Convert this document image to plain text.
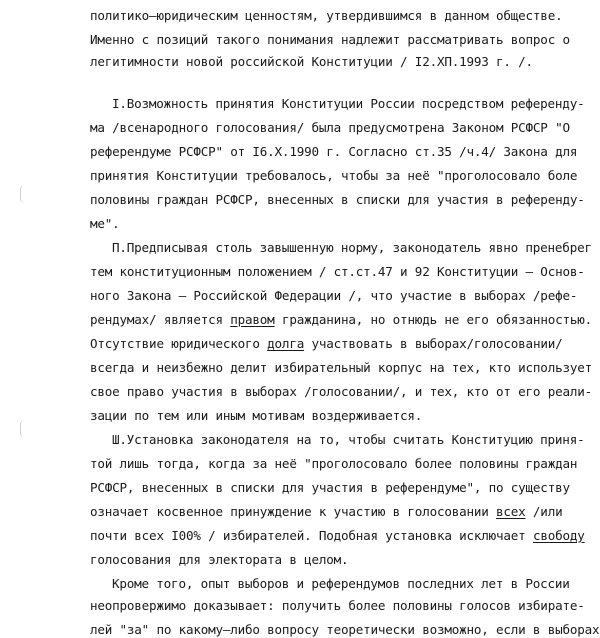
политико–юридическим ценностям, утвердившимся в данном обществе.
Именно с позиций такого понимания надлежит рассматривать вопрос о
легитимности новой российской Конституции / I2.XП.1993 г. /.
I.Возможность принятия Конституции России посредством референду-
ма /всенародного голосования/ была предусмотрена Законом РСФСР "О
референдуме РСФСР" от I6.X.1990 г. Согласно ст.35 /ч.4/ Закона для
принятия Конституции требовалось, чтобы за неё "проголосовало боле
половины граждан РСФСР, внесенных в списки для участия в референду-
ме".
П.Предписывая столь завышенную норму, законодатель явно пренебрег
тем конституционным положением / ст.ст.47 и 92 Конституции – Основ-
ного Закона – Российской Федерации /, что участие в выборах /рефе-
рендумах/ является правом гражданина, но отнюдь не его обязанностью.
Отсутствие юридического долга участвовать в выборах/голосовании/
всегда и неизбежно делит избирательный корпус на тех, кто использует
свое право участия в выборах /голосовании/, и тех, кто от его реали-
зации по тем или иным мотивам воздерживается.
Ш.Установка законодателя на то, чтобы считать Конституцию приня-
той лишь тогда, когда за неё "проголосовало более половины граждан
РСФСР, внесенных в списки для участия в референдуме", по существу
означает косвенное принуждение к участию в голосовании всех /или
почти всех I00% / избирателей. Подобная установка исключает свободу
голосования для электората в целом.
Кроме того, опыт выборов и референдумов последних лет в России
неопровержимо доказывает: получить более половины голосов избирате-
лей "за" по какому–либо вопросу теоретически возможно, если в выборах
